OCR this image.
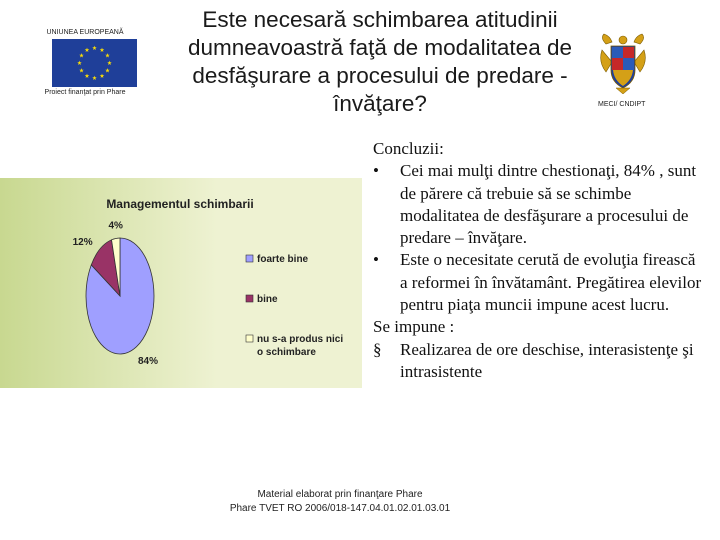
UNIUNEA EUROPEANĂ
Proiect finanţat prin Phare
Este necesară schimbarea atitudinii dumneavoastră faţă de modalitatea de desfăşurare a procesului de predare - învăţare?	MECI/ CNDIPT
Managementul schimbarii
84%
12%
4%
foarte bine
bine
nu s-a produs nici o schimbare

Concluzii:

•	Cei mai mulţi dintre chestionaţi, 84% , sunt de părere că trebuie să se schimbe modalitatea de desfăşurare a procesului de predare – învăţare.
•	Este o necesitate cerută de evoluţia firească a reformei în învătamânt. Pregătirea elevilor pentru piaţa muncii impune acest lucru.

Se impune :

§	Realizarea de ore deschise, interasistenţe şi intrasistente
Material elaborat prin finanţare Phare
Phare TVET RO 2006/018-147.04.01.02.01.03.01
